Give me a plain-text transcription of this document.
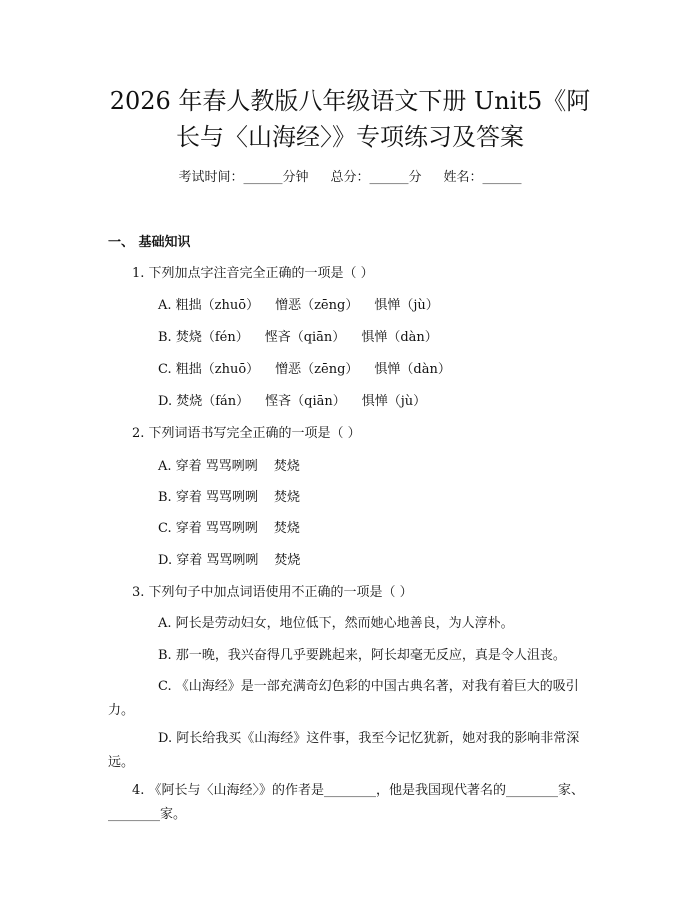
2026 年春人教版八年级语文下册 Unit5《阿
长与〈山海经〉》专项练习及答案
考试时间：______分钟 总分：______分 姓名：______
一、 基础知识
1. 下列加点字注音完全正确的一项是（ ）
A. 粗拙（zhuō） 憎恶（zēng） 惧惮（jù）
B. 焚烧（fén） 悭吝（qiān） 惧惮（dàn）
C. 粗拙（zhuō） 憎恶（zēng） 惧惮（dàn）
D. 焚烧（fán） 悭吝（qiān） 惧惮（jù）
2. 下列词语书写完全正确的一项是（ ）
A. 穿着 骂骂咧咧 焚烧
B. 穿着 骂骂咧咧 焚烧
C. 穿着 骂骂咧咧 焚烧
D. 穿着 骂骂咧咧 焚烧
3. 下列句子中加点词语使用不正确的一项是（ ）
A. 阿长是劳动妇女，地位低下，然而她心地善良，为人淳朴。
B. 那一晚，我兴奋得几乎要跳起来，阿长却毫无反应，真是令人沮丧。
C. 《山海经》是一部充满奇幻色彩的中国古典名著，对我有着巨大的吸引力。
D. 阿长给我买《山海经》这件事，我至今记忆犹新，她对我的影响非常深远。
4. 《阿长与〈山海经〉》的作者是________，他是我国现代著名的________家、________家。
